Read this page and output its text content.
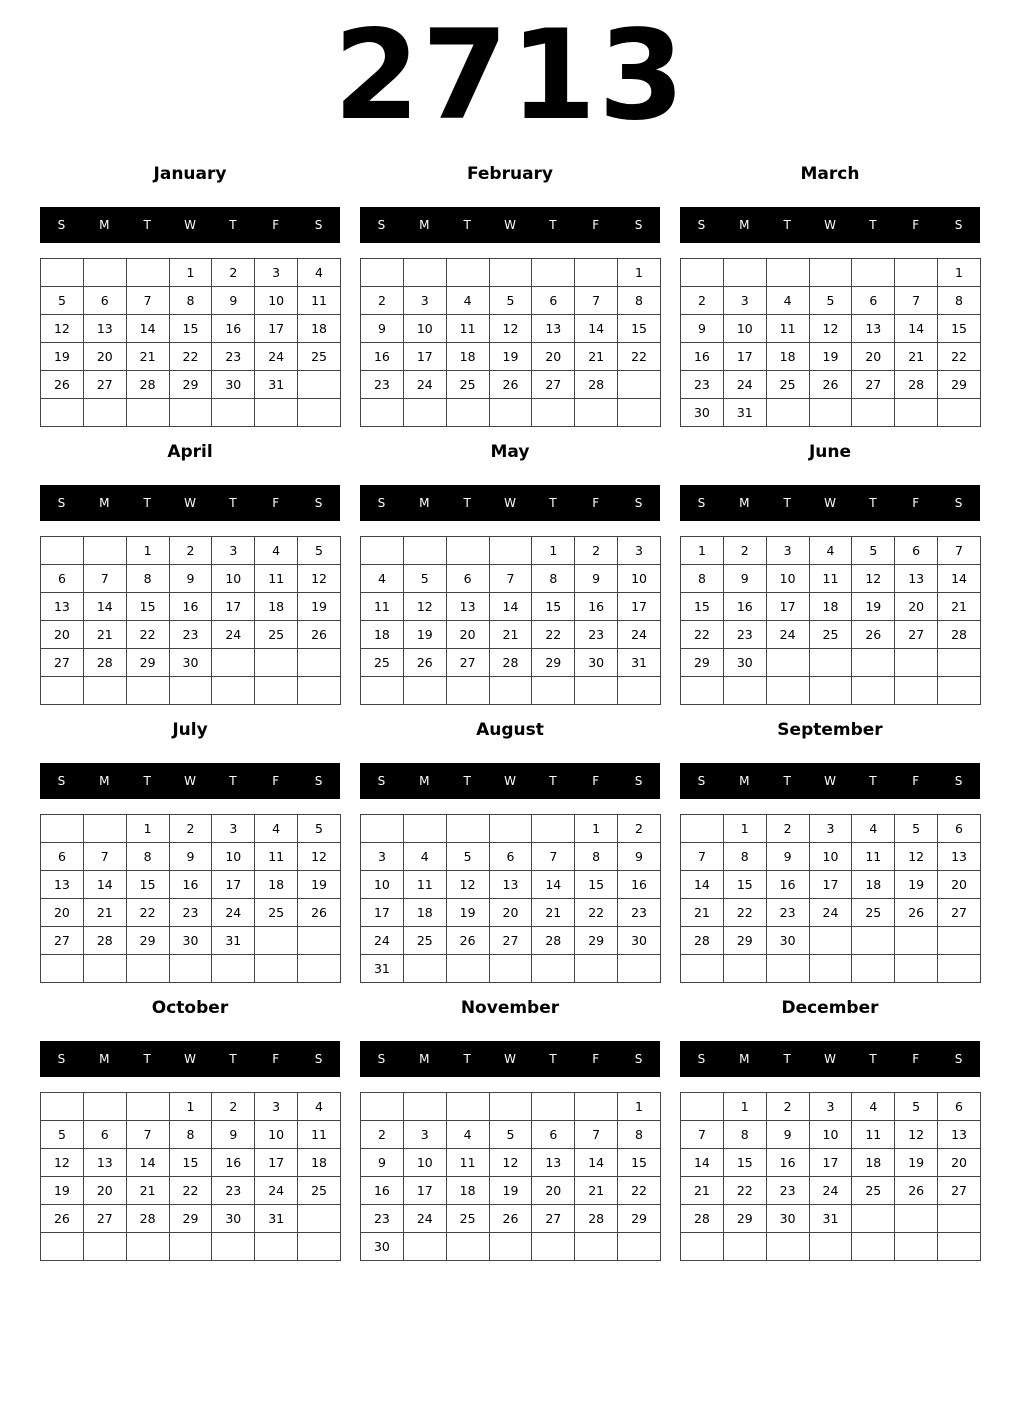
2713
January
S	M	T	W	T	F	S
			1	2	3	4
5	6	7	8	9	10	11
12	13	14	15	16	17	18
19	20	21	22	23	24	25
26	27	28	29	30	31	

February
S	M	T	W	T	F	S
						1
2	3	4	5	6	7	8
9	10	11	12	13	14	15
16	17	18	19	20	21	22
23	24	25	26	27	28	

March
S	M	T	W	T	F	S
						1
2	3	4	5	6	7	8
9	10	11	12	13	14	15
16	17	18	19	20	21	22
23	24	25	26	27	28	29
30	31					
April
S	M	T	W	T	F	S
		1	2	3	4	5
6	7	8	9	10	11	12
13	14	15	16	17	18	19
20	21	22	23	24	25	26
27	28	29	30			

May
S	M	T	W	T	F	S
				1	2	3
4	5	6	7	8	9	10
11	12	13	14	15	16	17
18	19	20	21	22	23	24
25	26	27	28	29	30	31

June
S	M	T	W	T	F	S
1	2	3	4	5	6	7
8	9	10	11	12	13	14
15	16	17	18	19	20	21
22	23	24	25	26	27	28
29	30					

July
S	M	T	W	T	F	S
		1	2	3	4	5
6	7	8	9	10	11	12
13	14	15	16	17	18	19
20	21	22	23	24	25	26
27	28	29	30	31		

August
S	M	T	W	T	F	S
					1	2
3	4	5	6	7	8	9
10	11	12	13	14	15	16
17	18	19	20	21	22	23
24	25	26	27	28	29	30
31						
September
S	M	T	W	T	F	S
	1	2	3	4	5	6
7	8	9	10	11	12	13
14	15	16	17	18	19	20
21	22	23	24	25	26	27
28	29	30				

October
S	M	T	W	T	F	S
			1	2	3	4
5	6	7	8	9	10	11
12	13	14	15	16	17	18
19	20	21	22	23	24	25
26	27	28	29	30	31	

November
S	M	T	W	T	F	S
						1
2	3	4	5	6	7	8
9	10	11	12	13	14	15
16	17	18	19	20	21	22
23	24	25	26	27	28	29
30						
December
S	M	T	W	T	F	S
	1	2	3	4	5	6
7	8	9	10	11	12	13
14	15	16	17	18	19	20
21	22	23	24	25	26	27
28	29	30	31			
